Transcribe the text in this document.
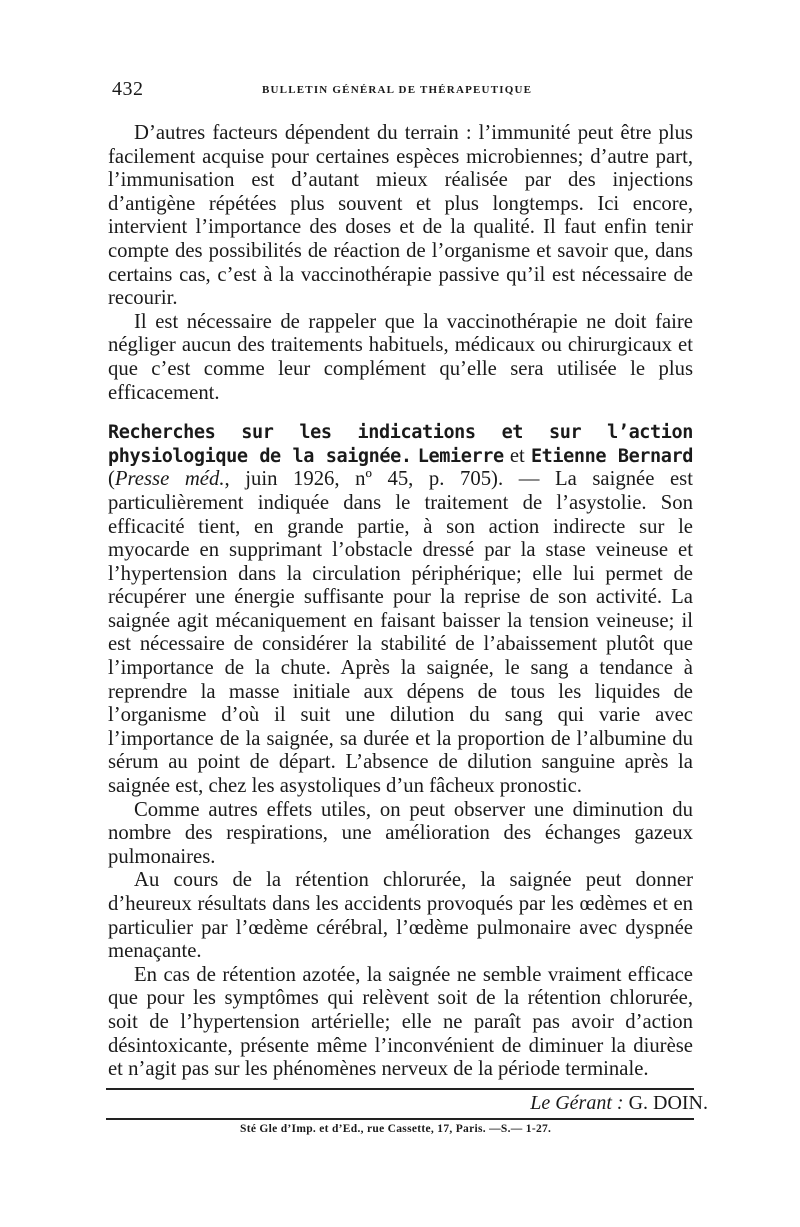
432	BULLETIN GÉNÉRAL DE THÉRAPEUTIQUE

D’autres facteurs dépendent du terrain : l’immunité peut être plus facilement acquise pour certaines espèces microbiennes; d’autre part, l’immunisation est d’autant mieux réalisée par des injections d’antigène répétées plus souvent et plus longtemps. Ici encore, intervient l’importance des doses et de la qualité. Il faut enfin tenir compte des possibilités de réaction de l’organisme et savoir que, dans certains cas, c’est à la vaccinothérapie passive qu’il est nécessaire de recourir.

Il est nécessaire de rappeler que la vaccinothérapie ne doit faire négliger aucun des traitements habituels, médicaux ou chirurgicaux et que c’est comme leur complément qu’elle sera utilisée le plus efficacement.

Recherches sur les indications et sur l’action physiologique de la saignée. Lemierre et Etienne Bernard (Presse méd., juin 1926, nº 45, p. 705). — La saignée est particulièrement indiquée dans le traitement de l’asystolie. Son efficacité tient, en grande partie, à son action indirecte sur le myocarde en supprimant l’obstacle dressé par la stase veineuse et l’hypertension dans la circulation périphérique; elle lui permet de récupérer une énergie suffisante pour la reprise de son activité. La saignée agit mécaniquement en faisant baisser la tension veineuse; il est nécessaire de considérer la stabilité de l’abaissement plutôt que l’importance de la chute. Après la saignée, le sang a tendance à reprendre la masse initiale aux dépens de tous les liquides de l’organisme d’où il suit une dilution du sang qui varie avec l’importance de la saignée, sa durée et la proportion de l’albumine du sérum au point de départ. L’absence de dilution sanguine après la saignée est, chez les asystoliques d’un fâcheux pronostic.

Comme autres effets utiles, on peut observer une diminution du nombre des respirations, une amélioration des échanges gazeux pulmonaires.

Au cours de la rétention chlorurée, la saignée peut donner d’heureux résultats dans les accidents provoqués par les œdèmes et en particulier par l’œdème cérébral, l’œdème pulmonaire avec dyspnée menaçante.

En cas de rétention azotée, la saignée ne semble vraiment efficace que pour les symptômes qui relèvent soit de la rétention chlorurée, soit de l’hypertension artérielle; elle ne paraît pas avoir d’action désintoxicante, présente même l’inconvénient de diminuer la diurèse et n’agit pas sur les phénomènes nerveux de la période terminale.

Le Gérant : G. DOIN.
Sté Gle d’Imp. et d’Ed., rue Cassette, 17, Paris. —S.— 1-27.
